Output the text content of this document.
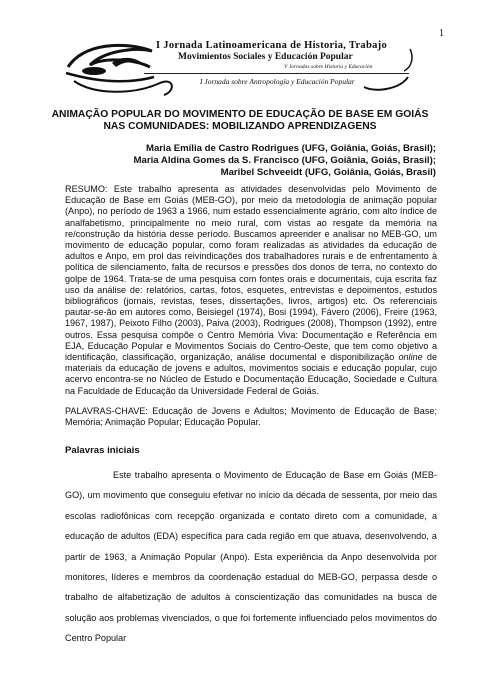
1
I Jornada Latinoamericana de Historia, Trabajo
Movimientos Sociales y Educación Popular
V Jornadas sobre Historia y Educación
I Jornada sobre Antropología y Educación Popular
ANIMAÇÃO POPULAR DO MOVIMENTO DE EDUCAÇÃO DE BASE EM GOIÁS
NAS COMUNIDADES: MOBILIZANDO APRENDIZAGENS
Maria Emília de Castro Rodrigues (UFG, Goiânia, Goiás, Brasil);
Maria Aldina Gomes da S. Francisco (UFG, Goiânia, Goiás, Brasil);
Maribel Schveeidt (UFG, Goiânia, Goiás, Brasil)

RESUMO: Este trabalho apresenta as atividades desenvolvidas pelo Movimento de Educação de Base em Goiás (MEB-GO), por meio da metodologia de animação popular (Anpo), no período de 1963 a 1966, num estado essencialmente agrário, com alto índice de analfabetismo, principalmente no meio rural, com vistas ao resgate da memória na re/construção da história desse período. Buscamos apreender e analisar no MEB-GO, um movimento de educação popular, como foram realizadas as atividades da educação de adultos e Anpo, em prol das reivindicações dos trabalhadores rurais e de enfrentamento à política de silenciamento, falta de recursos e pressões dos donos de terra, no contexto do golpe de 1964. Trata-se de uma pesquisa com fontes orais e documentais, cuja escrita faz uso da análise de: relatórios, cartas, fotos, esquetes, entrevistas e depoimentos, estudos bibliográficos (jornais, revistas, teses, dissertações, livros, artigos) etc. Os referenciais pautar-se-ão em autores como, Beisiegel (1974), Bosi (1994), Fávero (2006), Freire (1963, 1967, 1987), Peixoto Filho (2003), Paiva (2003), Rodrigues (2008), Thompson (1992), entre outros. Essa pesquisa compõe o Centro Memória Viva: Documentação e Referência em EJA, Educação Popular e Movimentos Sociais do Centro-Oeste, que tem como objetivo a identificação, classificação, organização, análise documental e disponibilização online de materiais da educação de jovens e adultos, movimentos sociais e educação popular, cujo acervo encontra-se no Núcleo de Estudo e Documentação Educação, Sociedade e Cultura na Faculdade de Educação da Universidade Federal de Goiás.

PALAVRAS-CHAVE: Educação de Jovens e Adultos; Movimento de Educação de Base; Memória; Animação Popular; Educação Popular.

Palavras iniciais

Este trabalho apresenta o Movimento de Educação de Base em Goiás (MEB-GO), um movimento que conseguiu efetivar no início da década de sessenta, por meio das escolas radiofônicas com recepção organizada e contato direto com a comunidade, a educação de adultos (EDA) específica para cada região em que atuava, desenvolvendo, a partir de 1963, a Animação Popular (Anpo). Esta experiência da Anpo desenvolvida por monitores, líderes e membros da coordenação estadual do MEB-GO, perpassa desde o trabalho de alfabetização de adultos à conscientização das comunidades na busca de solução aos problemas vivenciados, o que foi fortemente influenciado pelos movimentos do Centro Popular
